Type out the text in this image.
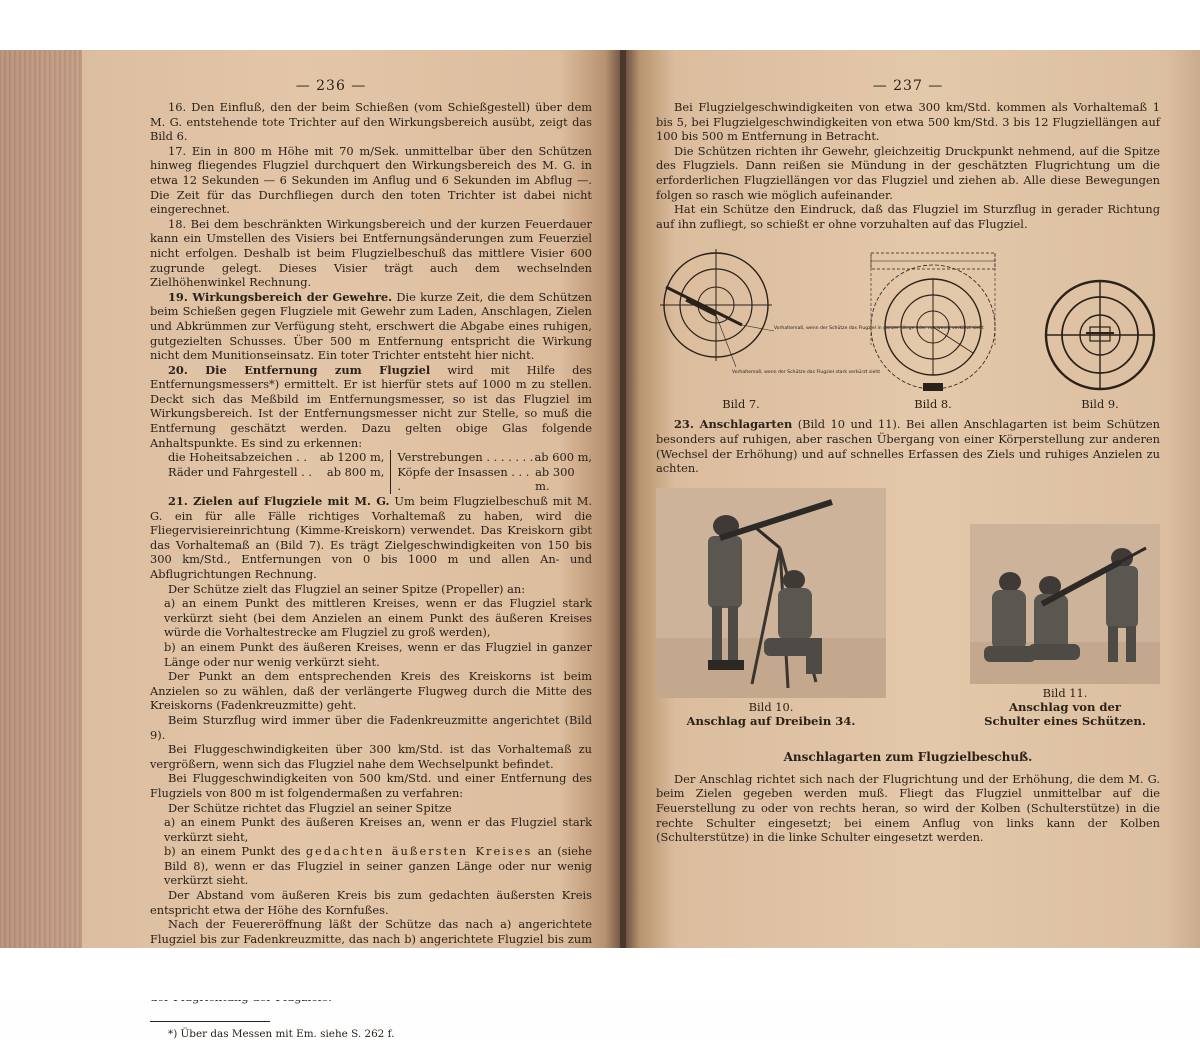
— 236 —

16. Den Einfluß, den der beim Schießen (vom Schießgestell) über dem M. G. entstehende tote Trichter auf den Wirkungsbereich ausübt, zeigt das Bild 6.

17. Ein in 800 m Höhe mit 70 m/Sek. unmittelbar über den Schützen hinweg fliegendes Flugziel durchquert den Wirkungsbereich des M. G. in etwa 12 Sekunden — 6 Sekunden im Anflug und 6 Sekunden im Abflug —. Die Zeit für das Durchfliegen durch den toten Trichter ist dabei nicht eingerechnet.

18. Bei dem beschränkten Wirkungsbereich und der kurzen Feuerdauer kann ein Umstellen des Visiers bei Entfernungsänderungen zum Feuerziel nicht erfolgen. Deshalb ist beim Flugzielbeschuß das mittlere Visier 600 zugrunde gelegt. Dieses Visier trägt auch dem wechselnden Zielhöhenwinkel Rechnung.

19. Wirkungsbereich der Gewehre. Die kurze Zeit, die dem Schützen beim Schießen gegen Flugziele mit Gewehr zum Laden, Anschlagen, Zielen und Abkrümmen zur Verfügung steht, erschwert die Abgabe eines ruhigen, gutgezielten Schusses. Über 500 m Entfernung entspricht die Wirkung nicht dem Munitionseinsatz. Ein toter Trichter entsteht hier nicht.

20. Die Entfernung zum Flugziel wird mit Hilfe des Entfernungsmessers*) ermittelt. Er ist hierfür stets auf 1000 m zu stellen. Deckt sich das Meßbild im Entfernungsmesser, so ist das Flugziel im Wirkungsbereich. Ist der Entfernungsmesser nicht zur Stelle, so muß die Entfernung geschätzt werden. Dazu gelten obige Glas folgende Anhaltspunkte. Es sind zu erkennen:

die Hoheitsabzeichen . . ab 1200 m,
Räder und Fahrgestell . . ab 800 m,
Verstrebungen . . . . . . . ab 600 m,
Köpfe der Insassen . . . .
ab 300 m.

21. Zielen auf Flugziele mit M. G. Um beim Flugzielbeschuß mit M. G. ein für alle Fälle richtiges Vorhaltemaß zu haben, wird die Fliegervisiereinrichtung (Kimme-Kreiskorn) verwendet. Das Kreiskorn gibt das Vorhaltemaß an (Bild 7). Es trägt Zielgeschwindigkeiten von 150 bis 300 km/Std., Entfernungen von 0 bis 1000 m und allen An- und Abflugrichtungen Rechnung.

Der Schütze zielt das Flugziel an seiner Spitze (Propeller) an:

a) an einem Punkt des mittleren Kreises, wenn er das Flugziel stark verkürzt sieht (bei dem Anzielen an einem Punkt des äußeren Kreises würde die Vorhaltestrecke am Flugziel zu groß werden),

b) an einem Punkt des äußeren Kreises, wenn er das Flugziel in ganzer Länge oder nur wenig verkürzt sieht.

Der Punkt an dem entsprechenden Kreis des Kreiskorns ist beim Anzielen so zu wählen, daß der verlängerte Flugweg durch die Mitte des Kreiskorns (Fadenkreuzmitte) geht.

Beim Sturzflug wird immer über die Fadenkreuzmitte angerichtet (Bild 9).

Bei Fluggeschwindigkeiten über 300 km/Std. ist das Vorhaltemaß zu vergrößern, wenn sich das Flugziel nahe dem Wechselpunkt befindet.

Bei Fluggeschwindigkeiten von 500 km/Std. und einer Entfernung des Flugziels von 800 m ist folgendermaßen zu verfahren:

Der Schütze richtet das Flugziel an seiner Spitze

a) an einem Punkt des äußeren Kreises an, wenn er das Flugziel stark verkürzt sieht,

b) an einem Punkt des gedachten äußersten Kreises an (siehe Bild 8), wenn er das Flugziel in seiner ganzen Länge oder nur wenig verkürzt sieht.

Der Abstand vom äußeren Kreis bis zum gedachten äußersten Kreis entspricht etwa der Höhe des Kornfußes.

Nach der Feuereröffnung läßt der Schütze das nach a) angerichtete Flugziel bis zur Fadenkreuzmitte, das nach b) angerichtete Flugziel bis zum

*) Über das Messen mit Em. siehe S. 262 f.
— 237 —

Bei Flugzielgeschwindigkeiten von etwa 300 km/Std. kommen als Vorhaltemaß 1 bis 5, bei Flugzielgeschwindigkeiten von etwa 500 km/Std. 3 bis 12 Flugziellängen auf 100 bis 500 m Entfernung in Betracht.

Die Schützen richten ihr Gewehr, gleichzeitig Druckpunkt nehmend, auf die Spitze des Flugziels. Dann reißen sie Mündung in der geschätzten Flugrichtung um die erforderlichen Flugziellängen vor das Flugziel und ziehen ab. Alle diese Bewegungen folgen so rasch wie möglich aufeinander.

Hat ein Schütze den Eindruck, daß das Flugziel im Sturzflug in gerader Richtung auf ihn zufliegt, so schießt er ohne vorzuhalten auf das Flugziel.

Vorhaltemaß, wenn der Schütze das Flugziel in ganzer Länge oder nur wenig verkürzt sieht
Vorhaltemaß, wenn der Schütze das Flugziel stark verkürzt sieht
Bild 7.	Bild 8.	Bild 9.

23. Anschlagarten (Bild 10 und 11). Bei allen Anschlagarten ist beim Schützen besonders auf ruhigen, aber raschen Übergang von einer Körperstellung zur anderen (Wechsel der Erhöhung) und auf schnelles Erfassen des Ziels und ruhiges Anzielen zu achten.

Bild 10.
Anschlag auf Dreibein 34.
Bild 11.
Anschlag von der
Schulter eines Schützen.
Anschlagarten zum Flugzielbeschuß.

Der Anschlag richtet sich nach der Flugrichtung und der Erhöhung, die dem M. G. beim Zielen gegeben werden muß. Fliegt das Flugziel unmittelbar auf die Feuerstellung zu oder von rechts heran, so wird der Kolben (Schulterstütze) in die rechte Schulter eingesetzt; bei einem Anflug von links kann der Kolben (Schulterstütze) in die linke Schulter eingesetzt werden.
